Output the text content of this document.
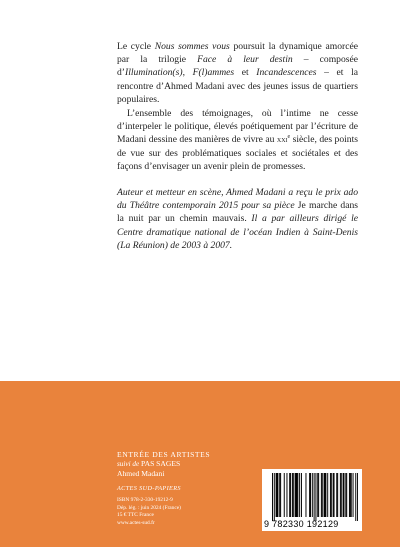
Le cycle Nous sommes vous poursuit la dynamique amorcée par la trilogie Face à leur destin – composée d’Illumination(s), F(l)ammes et Incandescences – et la rencontre d’Ahmed Madani avec des jeunes issus de quartiers populaires.

L’ensemble des témoignages, où l’intime ne cesse d’interpeler le politique, élevés poétiquement par l’écriture de Madani dessine des manières de vivre au xxi$^e$ siècle, des points de vue sur des problématiques sociales et sociétales et des façons d’envisager un avenir plein de promesses.

Auteur et metteur en scène, Ahmed Madani a reçu le prix ado du Théâtre contemporain 2015 pour sa pièce Je marche dans la nuit par un chemin mauvais. Il a par ailleurs dirigé le Centre dramatique national de l’océan Indien à Saint-Denis (La Réunion) de 2003 à 2007.

ENTRÉE DES ARTISTES
suivi de PAS SAGES
Ahmed Madani
ACTES SUD-PAPIERS
ISBN 978-2-330-19212-9
Dép. lég. : juin 2024 (France)
15 € TTC France
www.actes-sud.fr	9 782330 192129
